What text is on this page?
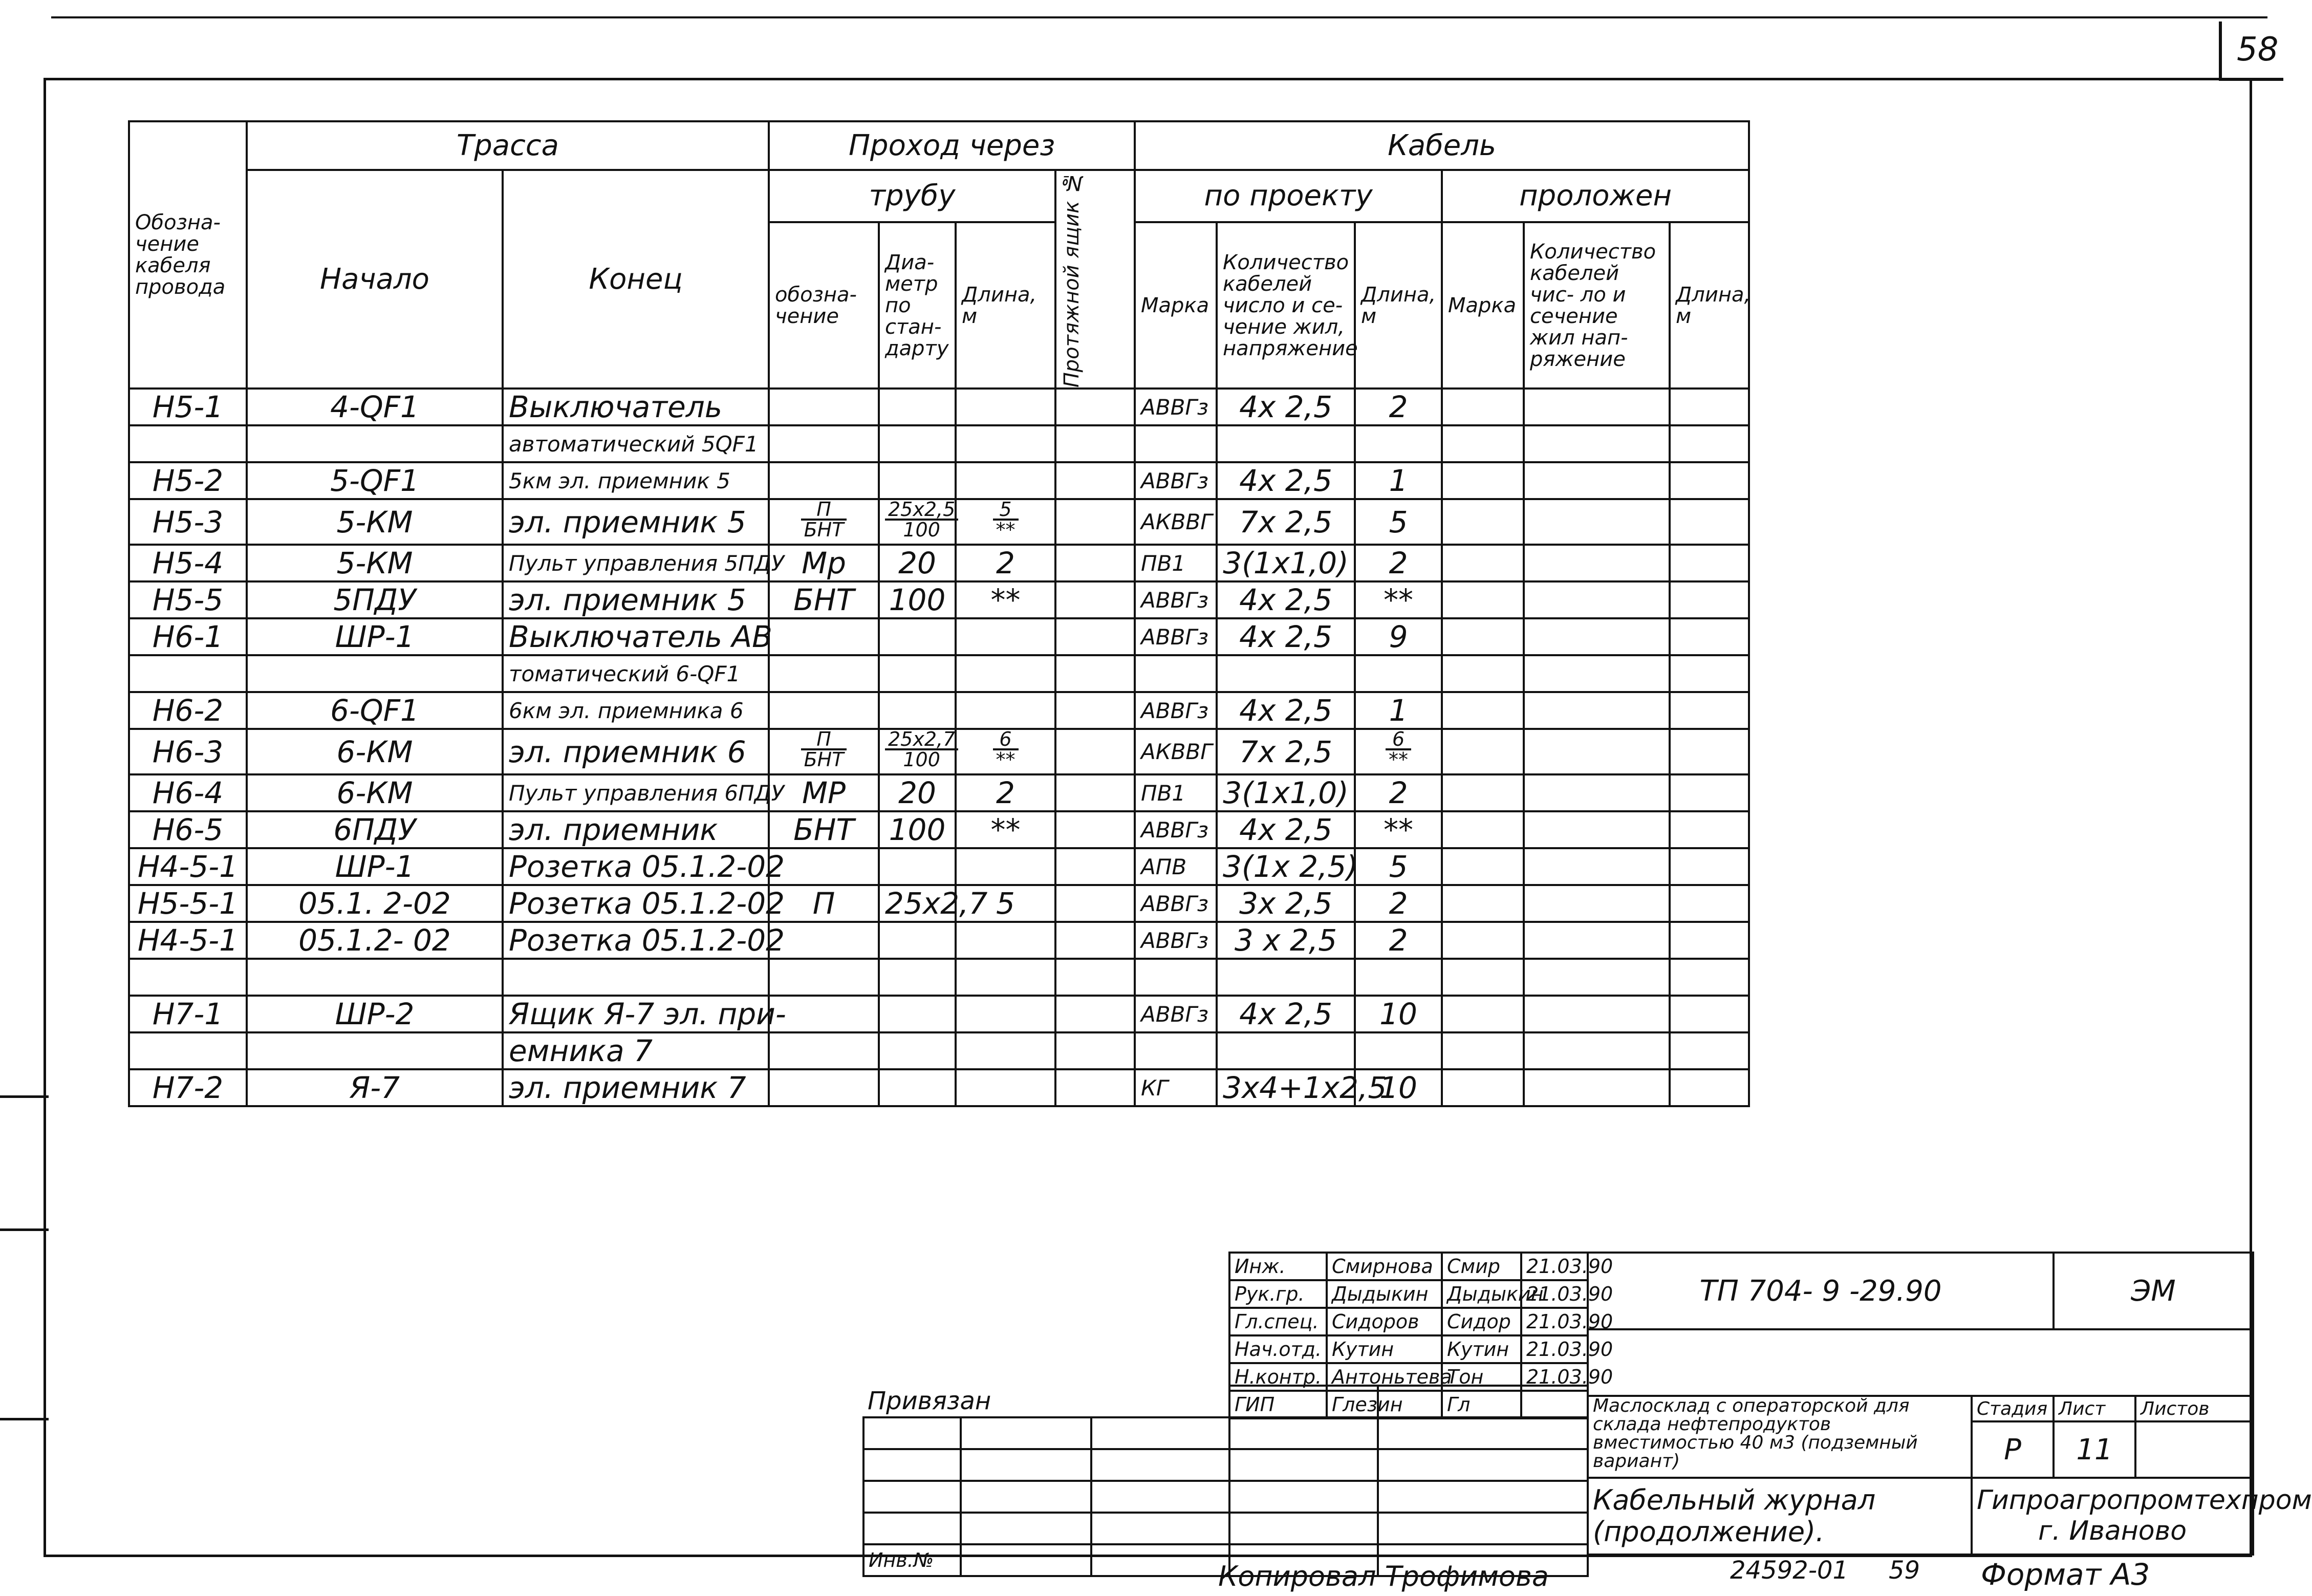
58
Обозна- чение кабеля провода	Трасса		Проход через				Кабель					
	Начало	Конец	трубу			Протяжной ящик №	по проекту			проложен		
			обозна- чение	Диа- метр по стан- дарту	Длина, м		Марка	Количество кабелей число и се- чение жил, напряжение	Длина, м	Марка	Количество кабелей чис- ло и сечение жил нап- ряжение	Длина, м
Н5-1	4-QF1	Выключатель					АВВГз	4х 2,5	2			
		автоматический 5QF1										
Н5-2	5-QF1	5км эл. приемник 5					АВВГз	4х 2,5	1			
Н5-3	5-КМ	эл. приемник 5	$\frac{П}{\text{БНТ}}$	$\frac{25х2,5}{100}$	$\frac{5}{**}$		АКВВГ	7х 2,5	5			
Н5-4	5-КМ	Пульт управления 5ПДУ	Мр	20	2		ПВ1	3(1х1,0)	2			
Н5-5	5ПДУ	эл. приемник 5	БНТ	100	**		АВВГз	4х 2,5	**			
Н6-1	ШР-1	Выключатель АВ					АВВГз	4х 2,5	9			
		томатический 6-QF1										
Н6-2	6-QF1	6км эл. приемника 6					АВВГз	4х 2,5	1			
Н6-3	6-КМ	эл. приемник 6	$\frac{П}{\text{БНТ}}$	$\frac{25х2,7}{100}$	$\frac{6}{**}$		АКВВГ	7х 2,5	$\frac{6}{**}$

Н6-4	6-КМ	Пульт управления 6ПДУ	МР	20	2		ПВ1	3(1х1,0)	2			
Н6-5	6ПДУ	эл. приемник	БНТ	100	**		АВВГз	4х 2,5	**			
Н4-5-1	ШР-1	Розетка 05.1.2-02					АПВ	3(1х 2,5)	5			
Н5-5-1	05.1. 2-02	Розетка 05.1.2-02	П	25х2,7	5		АВВГз	3х 2,5	2			
Н4-5-1	05.1.2- 02	Розетка 05.1.2-02					АВВГз	3 х 2,5	2			

Н7-1	ШР-2	Ящик Я-7 эл. при-					АВВГз	4х 2,5	10			
		емника 7										
Н7-2	Я-7	эл. приемник 7					КГ	3х4+1х2,5	10			
Инж.	Смирнова	Смир	21.03.90
Рук.гр.	Дыдыкин	Дыдыкин	21.03.90
Гл.спец.	Сидоров	Сидор	21.03.90
Нач.отд.	Кутин	Кутин	21.03.90
Н.контр.	Антоньтева	Тон	21.03.90
ГИП	Глезин	Гл	
Привязан				

Инв.№				
ТП 704- 9 -29.90		ЭМ	

Маслосклад с операторской для склада нефтепродуктов вместимостью 40 м3 (подземный вариант)	Стадия	Лист	Листов
	Р	11	
Кабельный журнал (продолжение).	Гипроагропромтехпром г. Иваново		
Копировал Трофимова	24592-01 59 Формат А3
